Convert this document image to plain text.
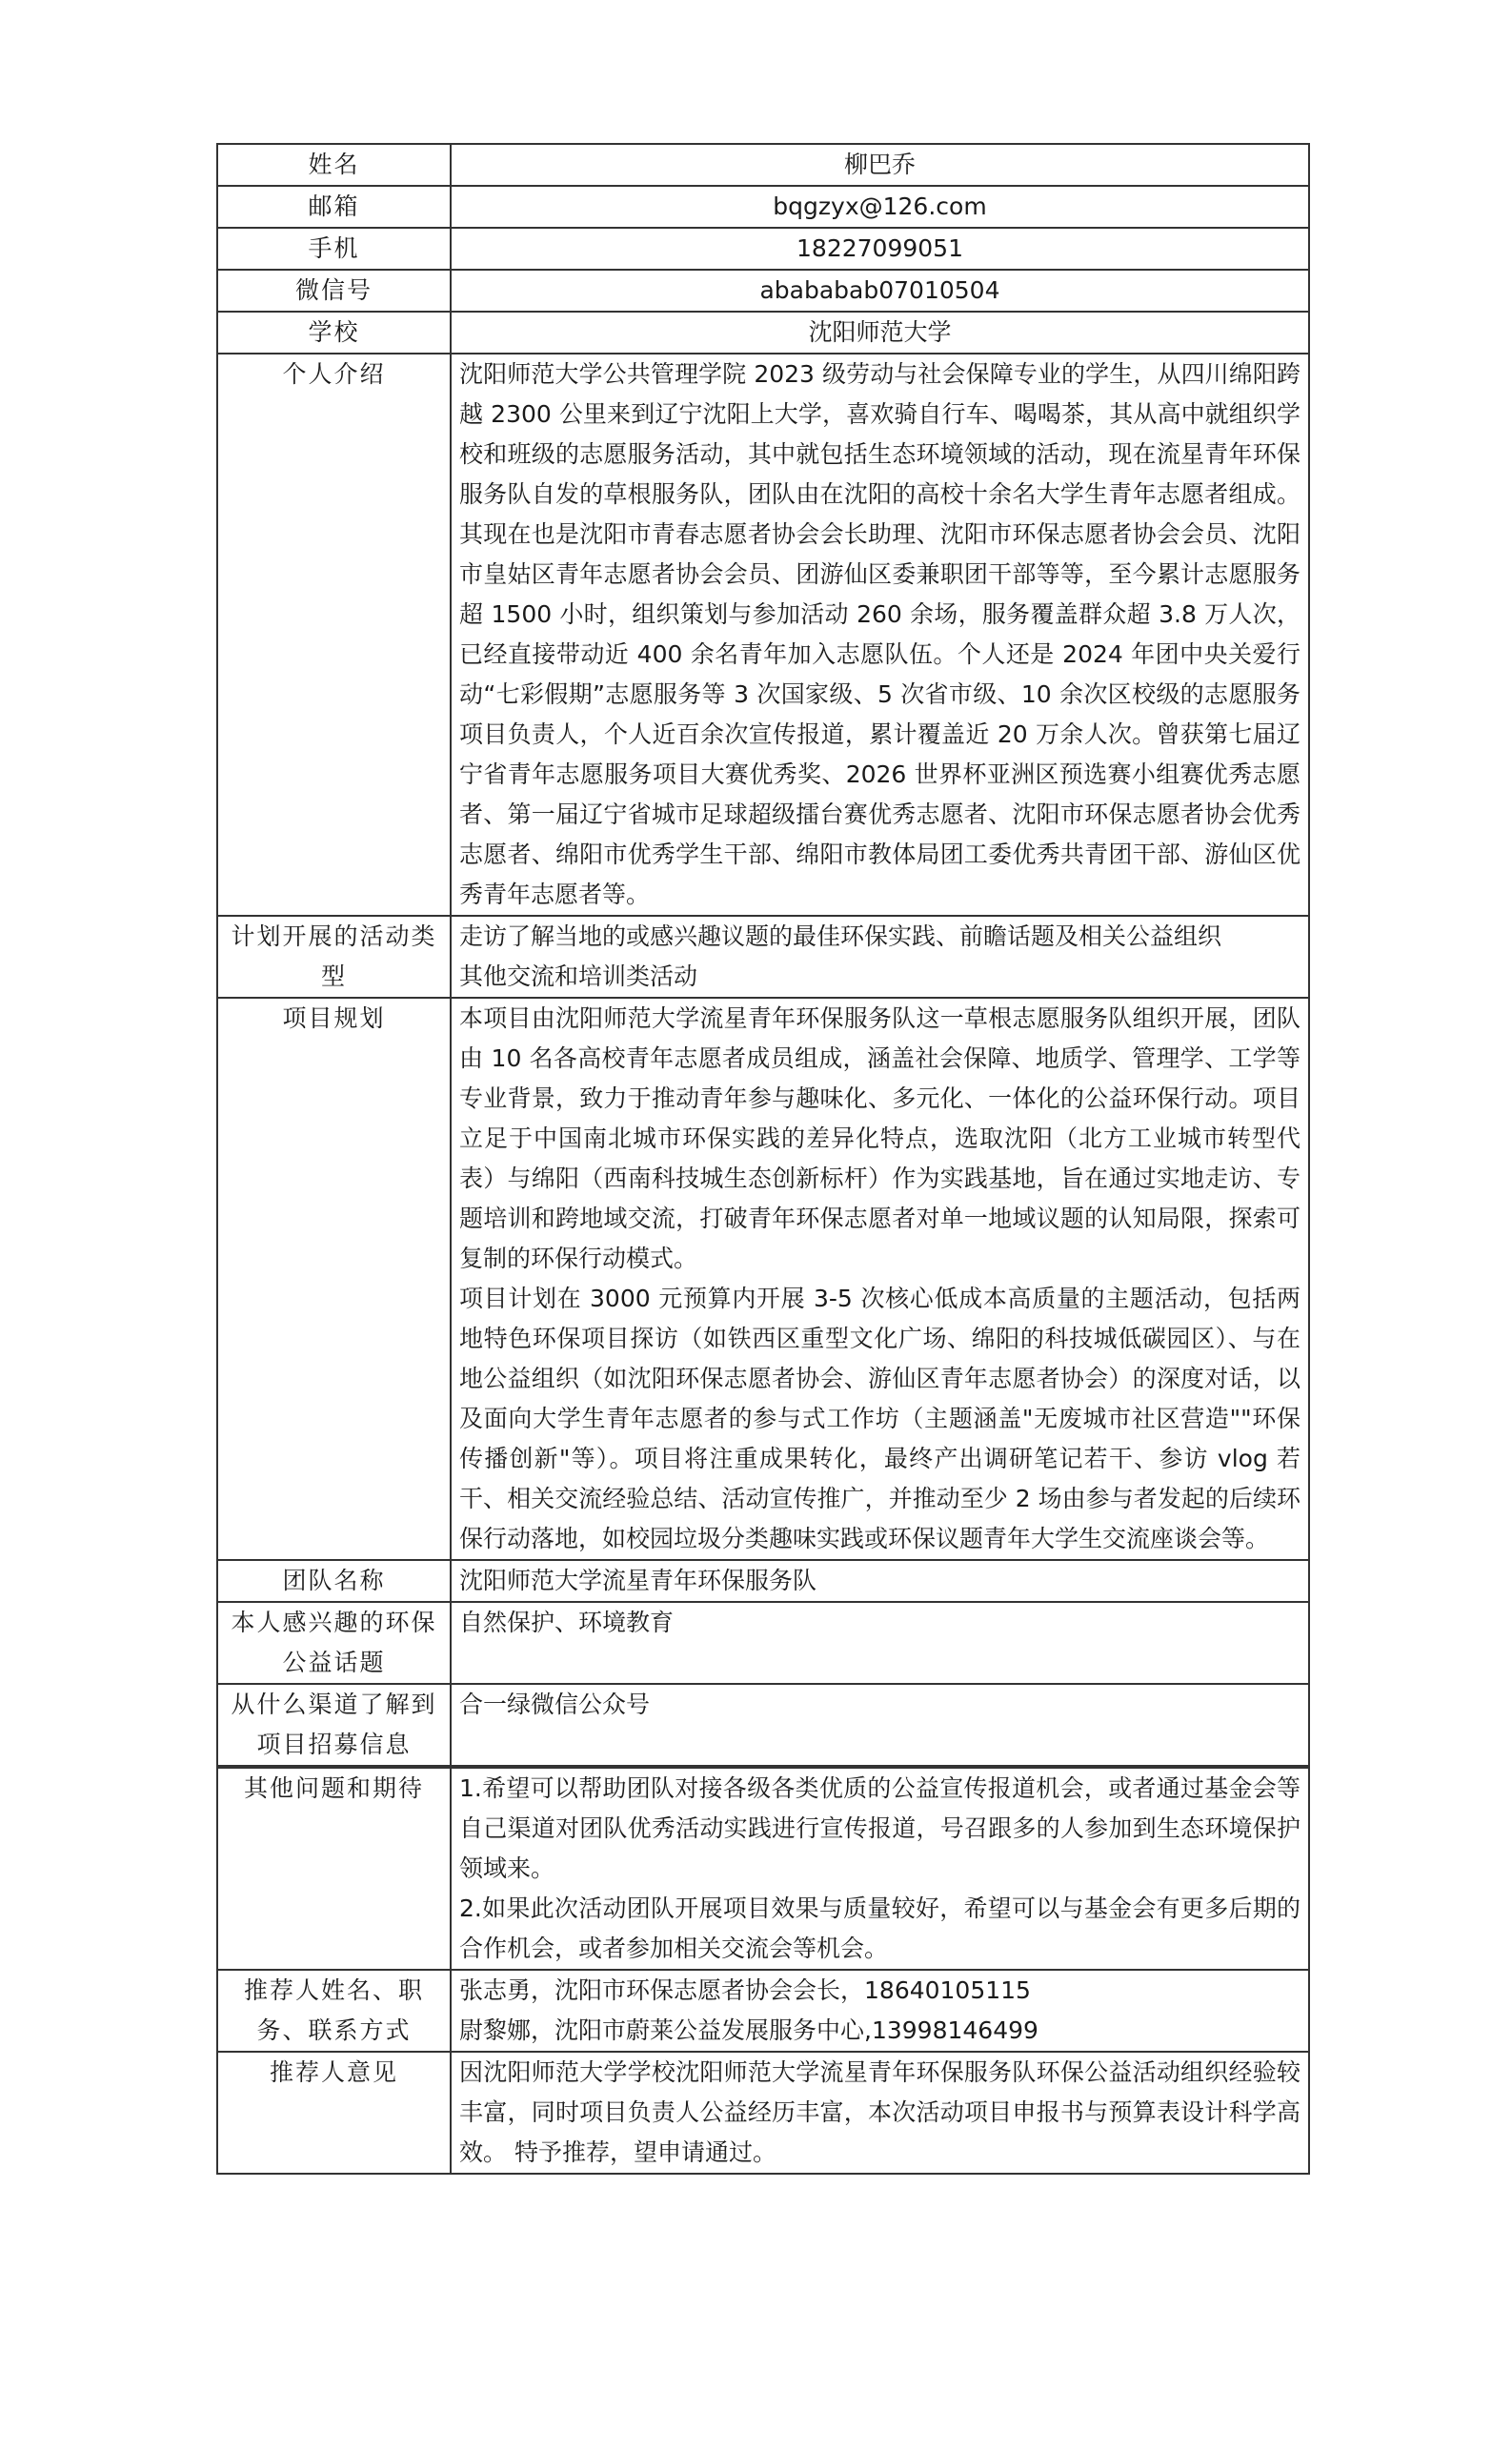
姓名	柳巴乔
邮箱	bqgzyx@126.com
手机	18227099051
微信号	abababab07010504
学校	沈阳师范大学
个人介绍	沈阳师范大学公共管理学院 2023 级劳动与社会保障专业的学生，从四川绵阳跨越 2300 公里来到辽宁沈阳上大学，喜欢骑自行车、喝喝茶，其从高中就组织学校和班级的志愿服务活动，其中就包括生态环境领域的活动，现在流星青年环保服务队自发的草根服务队，团队由在沈阳的高校十余名大学生青年志愿者组成。其现在也是沈阳市青春志愿者协会会长助理、沈阳市环保志愿者协会会员、沈阳市皇姑区青年志愿者协会会员、团游仙区委兼职团干部等等，至今累计志愿服务超 1500 小时，组织策划与参加活动 260 余场，服务覆盖群众超 3.8 万人次，已经直接带动近 400 余名青年加入志愿队伍。个人还是 2024 年团中央关爱行动“七彩假期”志愿服务等 3 次国家级、5 次省市级、10 余次区校级的志愿服务项目负责人，个人近百余次宣传报道，累计覆盖近 20 万余人次。曾获第七届辽宁省青年志愿服务项目大赛优秀奖、2026 世界杯亚洲区预选赛小组赛优秀志愿者、第一届辽宁省城市足球超级擂台赛优秀志愿者、沈阳市环保志愿者协会优秀志愿者、绵阳市优秀学生干部、绵阳市教体局团工委优秀共青团干部、游仙区优秀青年志愿者等。

计划开展的活动类型	走访了解当地的或感兴趣议题的最佳环保实践、前瞻话题及相关公益组织

其他交流和培训类活动

项目规划	本项目由沈阳师范大学流星青年环保服务队这一草根志愿服务队组织开展，团队由 10 名各高校青年志愿者成员组成，涵盖社会保障、地质学、管理学、工学等专业背景，致力于推动青年参与趣味化、多元化、一体化的公益环保行动。项目立足于中国南北城市环保实践的差异化特点，选取沈阳（北方工业城市转型代表）与绵阳（西南科技城生态创新标杆）作为实践基地，旨在通过实地走访、专题培训和跨地域交流，打破青年环保志愿者对单一地域议题的认知局限，探索可复制的环保行动模式。

项目计划在 3000 元预算内开展 3-5 次核心低成本高质量的主题活动，包括两地特色环保项目探访（如铁西区重型文化广场、绵阳的科技城低碳园区）、与在地公益组织（如沈阳环保志愿者协会、游仙区青年志愿者协会）的深度对话，以及面向大学生青年志愿者的参与式工作坊（主题涵盖"无废城市社区营造""环保传播创新"等）。项目将注重成果转化，最终产出调研笔记若干、参访 vlog 若干、相关交流经验总结、活动宣传推广，并推动至少 2 场由参与者发起的后续环保行动落地，如校园垃圾分类趣味实践或环保议题青年大学生交流座谈会等。

团队名称	沈阳师范大学流星青年环保服务队
本人感兴趣的环保公益话题	自然保护、环境教育
从什么渠道了解到项目招募信息	合一绿微信公众号
其他问题和期待	1.希望可以帮助团队对接各级各类优质的公益宣传报道机会，或者通过基金会等自己渠道对团队优秀活动实践进行宣传报道，号召跟多的人参加到生态环境保护领域来。

2.如果此次活动团队开展项目效果与质量较好，希望可以与基金会有更多后期的合作机会，或者参加相关交流会等机会。

推荐人姓名、职务、联系方式	张志勇，沈阳市环保志愿者协会会长，18640105115

尉黎娜，沈阳市蔚莱公益发展服务中心,13998146499

推荐人意见	因沈阳师范大学学校沈阳师范大学流星青年环保服务队环保公益活动组织经验较丰富，同时项目负责人公益经历丰富，本次活动项目申报书与预算表设计科学高效。 特予推荐，望申请通过。
